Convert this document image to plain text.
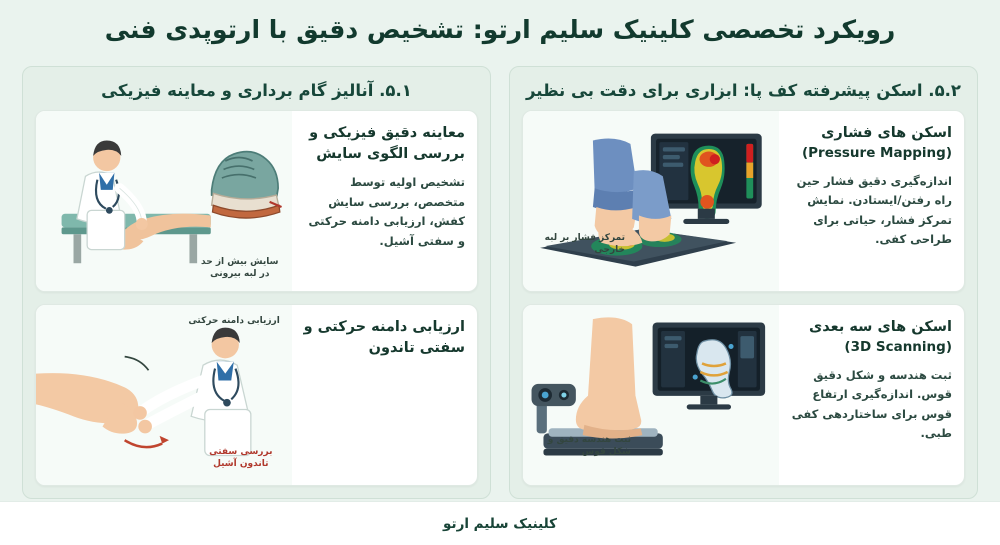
رویکرد تخصصی کلینیک سلیم ارتو: تشخیص دقیق با ارتوپدی فنی
۵.۱. آنالیز گام برداری و معاینه فیزیکی
معاینه دقیق فیزیکی و بررسی الگوی سایش
تشخیص اولیه توسط متخصص، بررسی سایش کفش، ارزیابی دامنه حرکتی و سفتی آشیل.
سایش بیش از حد در لبه بیرونی
ارزیابی دامنه حرکتی و سفتی تاندون
ارزیابی دامنه حرکتی
بررسی سفتی تاندون آشیل
۵.۲. اسکن پیشرفته کف پا: ابزاری برای دقت بی نظیر
اسکن های فشاری
(Pressure Mapping)
اندازه‌گیری دقیق فشار حین راه رفتن/ایستادن. نمایش تمرکز فشار، حیاتی برای طراحی کفی.
تمرکز فشار بر لبه خارجی
اسکن های سه بعدی
(3D Scanning)
ثبت هندسه و شکل دقیق قوس. اندازه‌گیری ارتفاع قوس برای ساختاردهی کفی طبی.
ثبت هندسه دقیق و شکل قوس
کلینیک سلیم ارتو
